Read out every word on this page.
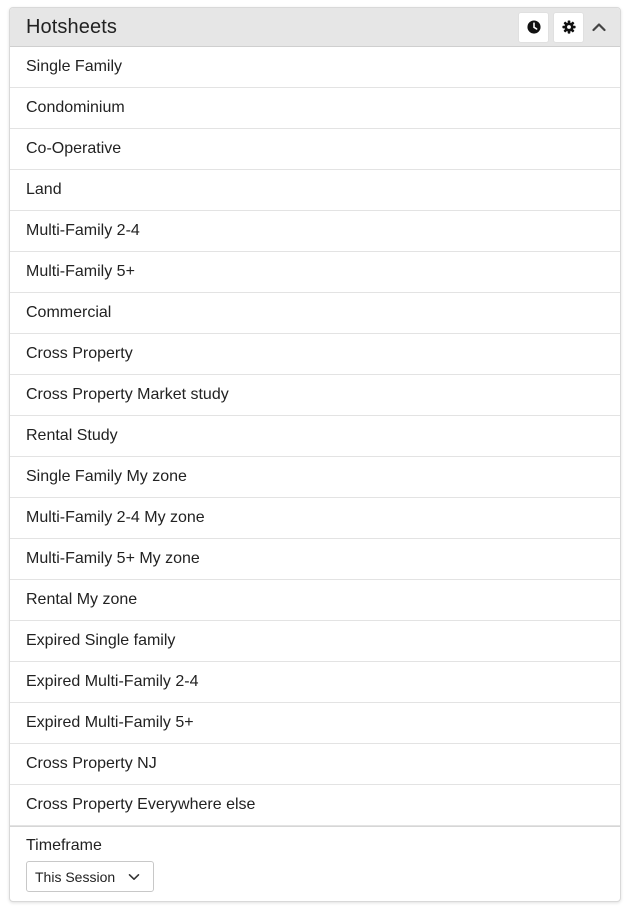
Hotsheets
Single Family
Condominium
Co-Operative
Land
Multi-Family 2-4
Multi-Family 5+
Commercial
Cross Property
Cross Property Market study
Rental Study
Single Family My zone
Multi-Family 2-4 My zone
Multi-Family 5+ My zone
Rental My zone
Expired Single family
Expired Multi-Family 2-4
Expired Multi-Family 5+
Cross Property NJ
Cross Property Everywhere else
Timeframe
This Session
